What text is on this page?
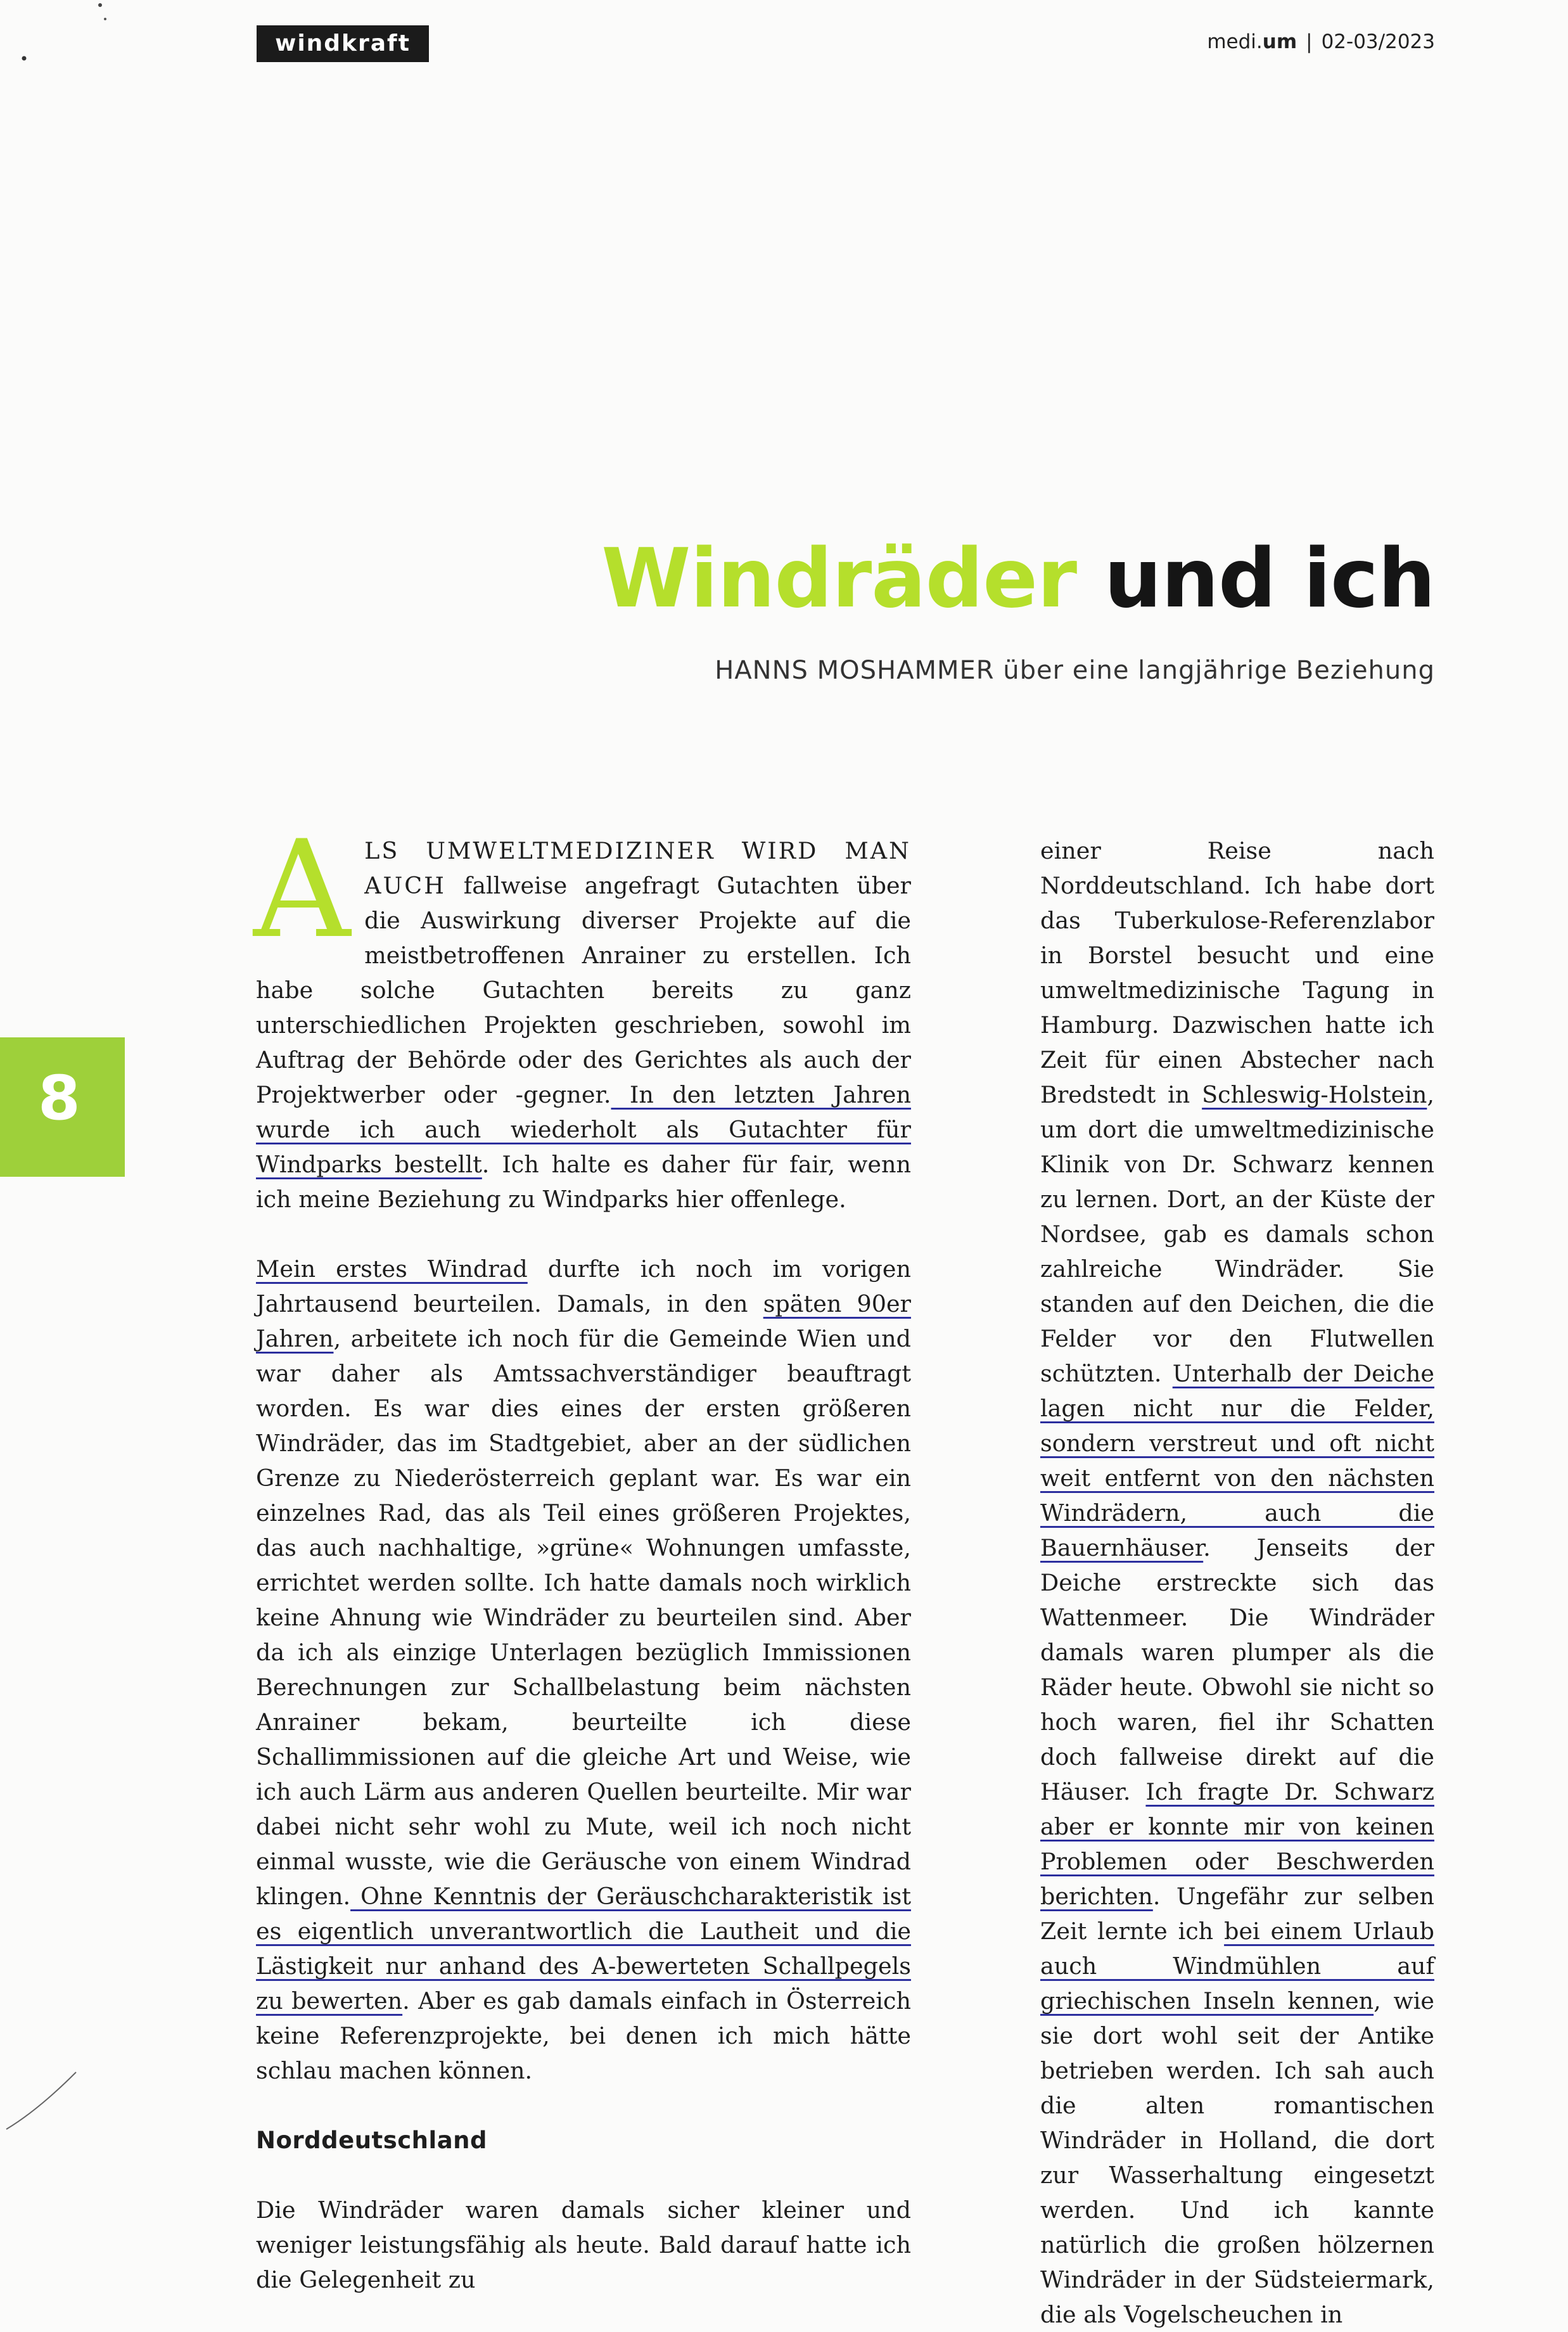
windkraft	medi.um | 02-03/2023
Windräder und ich
HANNS MOSHAMMER über eine langjährige Beziehung
8

ALS UMWELTMEDIZINER WIRD MAN AUCH fallweise angefragt Gutachten über die Auswirkung diverser Projekte auf die meistbetroffenen Anrainer zu erstellen. Ich habe solche Gutachten bereits zu ganz unterschiedlichen Projekten geschrieben, sowohl im Auftrag der Behörde oder des Gerichtes als auch der Projektwerber oder -gegner. In den letzten Jahren wurde ich auch wiederholt als Gutachter für Windparks bestellt. Ich halte es daher für fair, wenn ich meine Beziehung zu Windparks hier offenlege.

Mein erstes Windrad durfte ich noch im vorigen Jahrtausend beurteilen. Damals, in den späten 90er Jahren, arbeitete ich noch für die Gemeinde Wien und war daher als Amtssachverständiger beauftragt worden. Es war dies eines der ersten größeren Windräder, das im Stadtgebiet, aber an der südlichen Grenze zu Niederösterreich geplant war. Es war ein einzelnes Rad, das als Teil eines größeren Projektes, das auch nachhaltige, »grüne« Wohnungen umfasste, errichtet werden sollte. Ich hatte damals noch wirklich keine Ahnung wie Windräder zu beurteilen sind. Aber da ich als einzige Unterlagen bezüglich Immissionen Berechnungen zur Schallbelastung beim nächsten Anrainer bekam, beurteilte ich diese Schallimmissionen auf die gleiche Art und Weise, wie ich auch Lärm aus anderen Quellen beurteilte. Mir war dabei nicht sehr wohl zu Mute, weil ich noch nicht einmal wusste, wie die Geräusche von einem Windrad klingen. Ohne Kenntnis der Geräuschcharakteristik ist es eigentlich unverantwortlich die Lautheit und die Lästigkeit nur anhand des A-bewerteten Schallpegels zu bewerten. Aber es gab damals einfach in Österreich keine Referenzprojekte, bei denen ich mich hätte schlau machen können.

Norddeutschland

Die Windräder waren damals sicher kleiner und weniger leistungsfähig als heute. Bald darauf hatte ich die Gelegenheit zu

einer Reise nach Norddeutschland. Ich habe dort das Tuberkulose-Referenzlabor in Borstel besucht und eine umweltmedizinische Tagung in Hamburg. Dazwischen hatte ich Zeit für einen Abstecher nach Bredstedt in Schleswig-Holstein, um dort die umweltmedizinische Klinik von Dr. Schwarz kennen zu lernen. Dort, an der Küste der Nordsee, gab es damals schon zahlreiche Windräder. Sie standen auf den Deichen, die die Felder vor den Flutwellen schützten. Unterhalb der Deiche lagen nicht nur die Felder, sondern verstreut und oft nicht weit entfernt von den nächsten Windrädern, auch die Bauernhäuser. Jenseits der Deiche erstreckte sich das Wattenmeer. Die Windräder damals waren plumper als die Räder heute. Obwohl sie nicht so hoch waren, fiel ihr Schatten doch fallweise direkt auf die Häuser. Ich fragte Dr. Schwarz aber er konnte mir von keinen Problemen oder Beschwerden berichten. Ungefähr zur selben Zeit lernte ich bei einem Urlaub auch Windmühlen auf griechischen Inseln kennen, wie sie dort wohl seit der Antike betrieben werden. Ich sah auch die alten romantischen Windräder in Holland, die dort zur Wasserhaltung eingesetzt werden. Und ich kannte natürlich die großen hölzernen Windräder in der Südsteiermark, die als Vogelscheuchen in
